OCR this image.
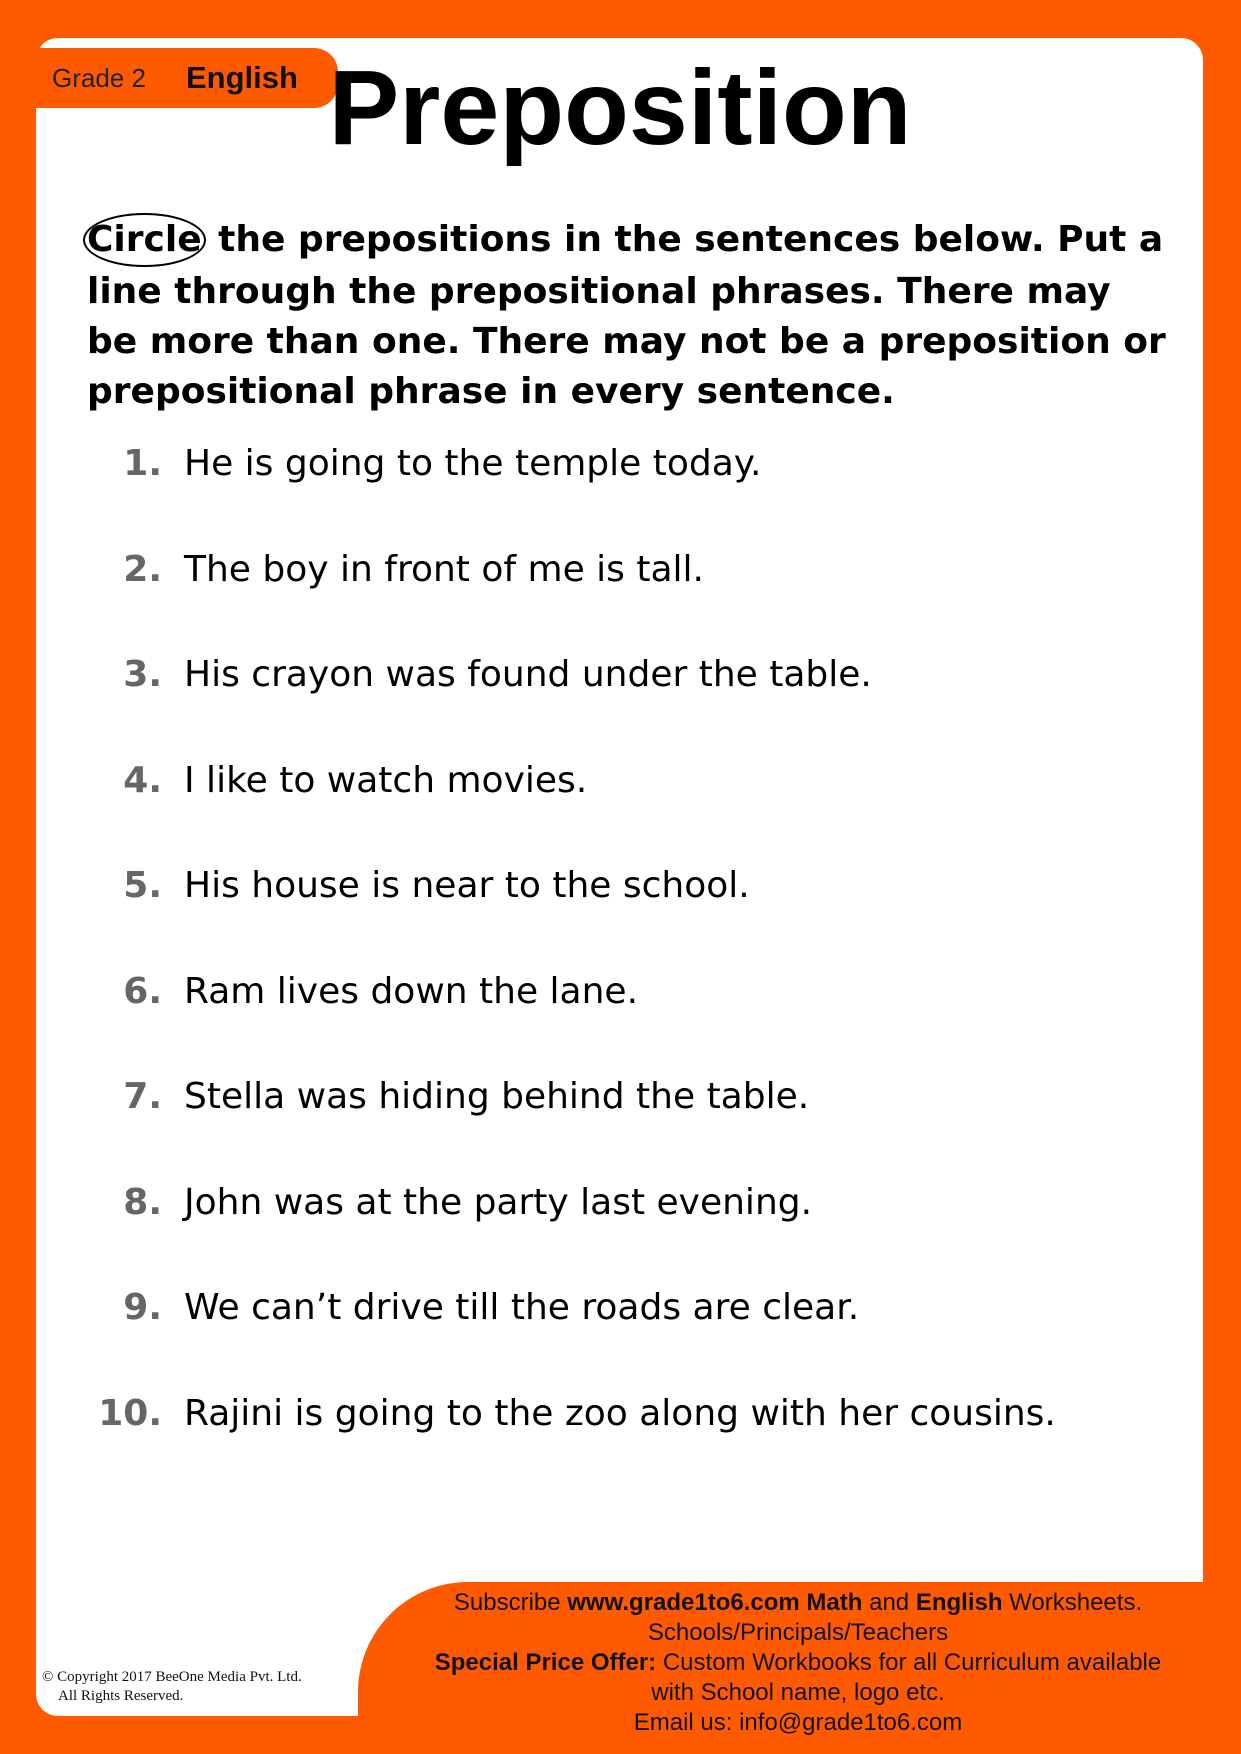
Grade 2 English Preposition

Circle the prepositions in the sentences below. Put a line through the prepositional phrases. There may be more than one. There may not be a preposition or prepositional phrase in every sentence.

1. He is going to the temple today.
2. The boy in front of me is tall.
3. His crayon was found under the table.
4. I like to watch movies.
5. His house is near to the school.
6. Ram lives down the lane.
7. Stella was hiding behind the table.
8. John was at the party last evening.
9. We can’t drive till the roads are clear.
10. Rajini is going to the zoo along with her cousins.
Subscribe www.grade1to6.com Math and English Worksheets.
Schools/Principals/Teachers
Special Price Offer: Custom Workbooks for all Curriculum available
with School name, logo etc.
Email us: info@grade1to6.com
© Copyright 2017 BeeOne Media Pvt. Ltd.
All Rights Reserved.
